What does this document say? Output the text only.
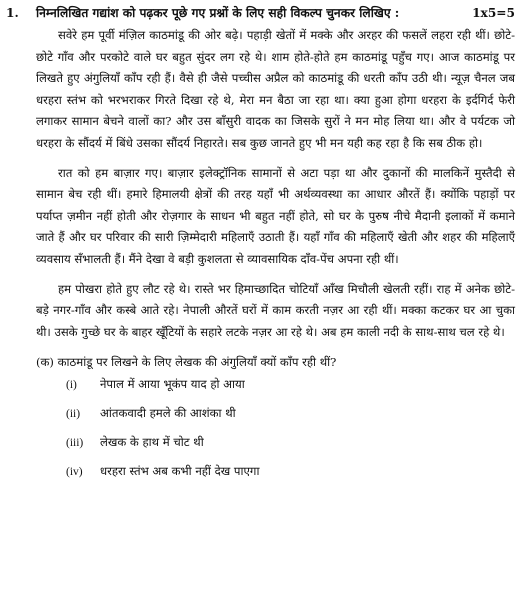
1.	निम्नलिखित गद्यांश को पढ़कर पूछे गए प्रश्नों के लिए सही विकल्प चुनकर लिखिए :	1x5=5

सवेरे हम पूर्वी मंज़िल काठमांडू की ओर बढ़े। पहाड़ी खेतों में मक्के और अरहर की फसलें लहरा रही थीं। छोटे-छोटे गाँव और परकोटे वाले घर बहुत सुंदर लग रहे थे। शाम होते-होते हम काठमांडू पहुँच गए। आज काठमांडू पर लिखते हुए अंगुलियाँ काँप रही हैं। वैसे ही जैसे पच्चीस अप्रैल को काठमांडू की धरती काँप उठी थी। न्यूज़ चैनल जब धरहरा स्तंभ को भरभराकर गिरते दिखा रहे थे, मेरा मन बैठा जा रहा था। क्या हुआ होगा धरहरा के इर्दगिर्द फेरी लगाकर सामान बेचने वालों का? और उस बाँसुरी वादक का जिसके सुरों ने मन मोह लिया था। और वे पर्यटक जो धरहरा के सौंदर्य में बिंधे उसका सौंदर्य निहारते। सब कुछ जानते हुए भी मन यही कह रहा है कि सब ठीक हो।

रात को हम बाज़ार गए। बाज़ार इलेक्ट्रॉनिक सामानों से अटा पड़ा था और दुकानों की मालकिनें मुस्तैदी से सामान बेच रही थीं। हमारे हिमालयी क्षेत्रों की तरह यहाँ भी अर्थव्यवस्था का आधार औरतें हैं। क्योंकि पहाड़ों पर पर्याप्त ज़मीन नहीं होती और रोज़गार के साधन भी बहुत नहीं होते, सो घर के पुरुष नीचे मैदानी इलाकों में कमाने जाते हैं और घर परिवार की सारी ज़िम्मेदारी महिलाएँ उठाती हैं। यहाँ गाँव की महिलाएँ खेती और शहर की महिलाएँ व्यवसाय सँभालती हैं। मैंने देखा वे बड़ी कुशलता से व्यावसायिक दाँव-पेंच अपना रही थीं।

हम पोखरा होते हुए लौट रहे थे। रास्ते भर हिमाच्छादित चोटियाँ आँख मिचौली खेलती रहीं। राह में अनेक छोटे-बड़े नगर-गाँव और कस्बे आते रहे। नेपाली औरतें घरों में काम करती नज़र आ रही थीं। मक्का कटकर घर आ चुका थी। उसके गुच्छे घर के बाहर खूँटियों के सहारे लटके नज़र आ रहे थे। अब हम काली नदी के साथ-साथ चल रहे थे।

(क) काठमांडू पर लिखने के लिए लेखक की अंगुलियाँ क्यों काँप रही थीं?
(i)	नेपाल में आया भूकंप याद हो आया
(ii)	आंतकवादी हमले की आशंका थी
(iii)	लेखक के हाथ में चोट थी
(iv)	धरहरा स्तंभ अब कभी नहीं देख पाएगा
